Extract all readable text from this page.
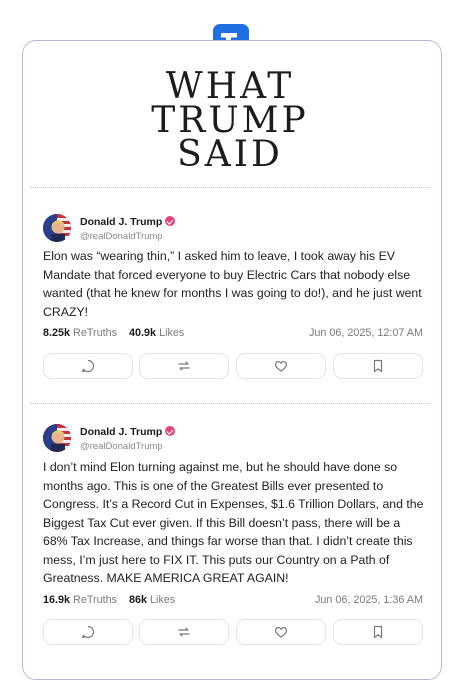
WHAT
TRUMP
SAID
Donald J. Trump
@realDonaldTrump
Elon was “wearing thin,” I asked him to leave, I took away his EV Mandate that forced everyone to buy Electric Cars that nobody else wanted (that he knew for months I was going to do!), and he just went CRAZY!
8.25k ReTruths 40.9k Likes	Jun 06, 2025, 12:07 AM
Donald J. Trump
@realDonaldTrump
I don’t mind Elon turning against me, but he should have done so months ago. This is one of the Greatest Bills ever presented to Congress. It’s a Record Cut in Expenses, $1.6 Trillion Dollars, and the Biggest Tax Cut ever given. If this Bill doesn’t pass, there will be a 68% Tax Increase, and things far worse than that. I didn’t create this mess, I’m just here to FIX IT. This puts our Country on a Path of Greatness. MAKE AMERICA GREAT AGAIN!
16.9k ReTruths 86k Likes	Jun 06, 2025, 1:36 AM
